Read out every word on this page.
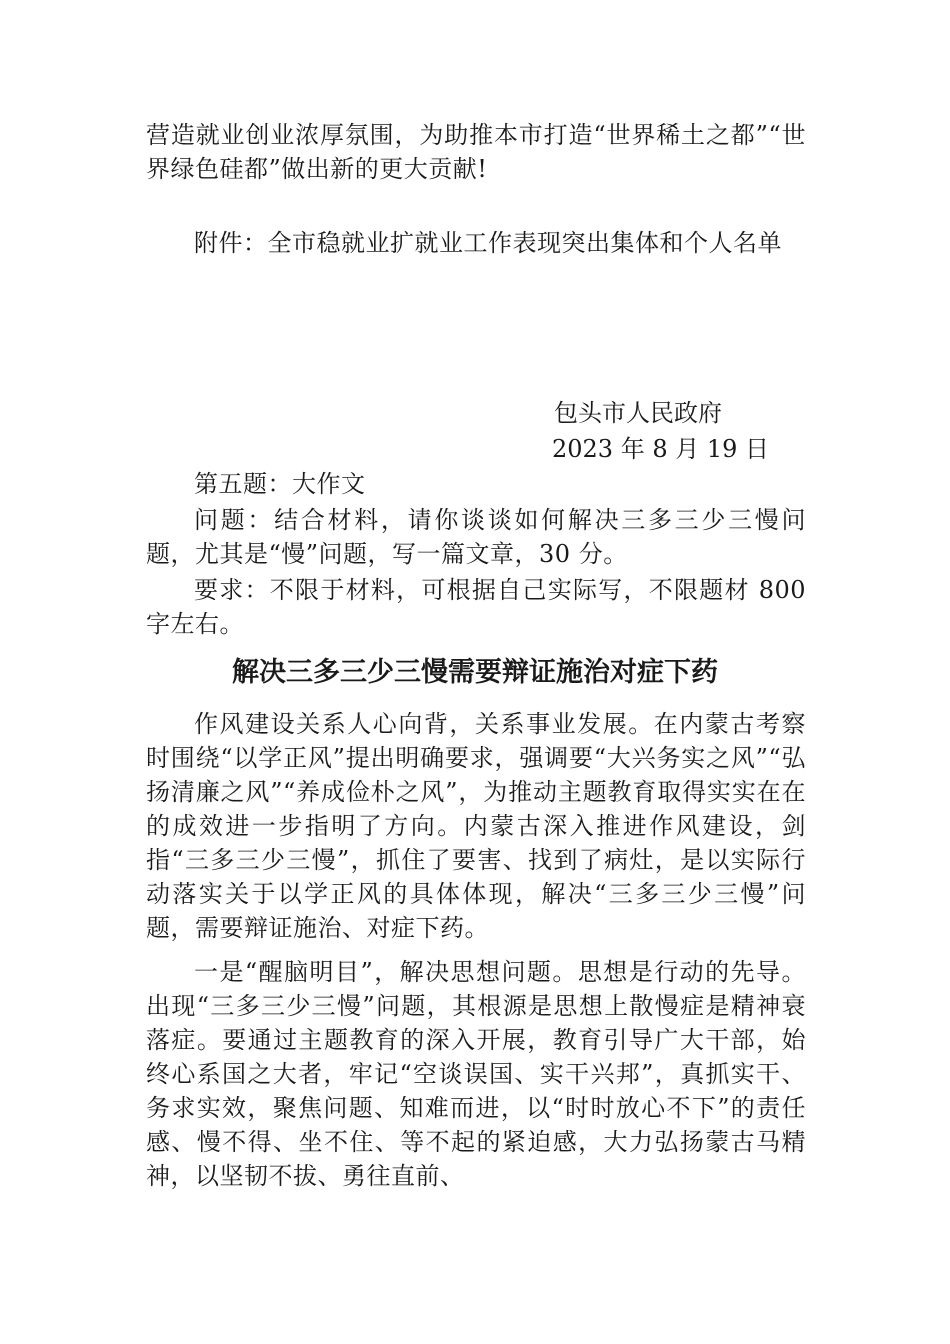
营造就业创业浓厚氛围，为助推本市打造“世界稀土之都”“世界绿色硅都”做出新的更大贡献!

附件：全市稳就业扩就业工作表现突出集体和个人名单

包头市人民政府

2023 年 8 月 19 日

第五题：大作文

问题：结合材料，请你谈谈如何解决三多三少三慢问题，尤其是“慢”问题，写一篇文章，30 分。

要求：不限于材料，可根据自己实际写，不限题材 800 字左右。

解决三多三少三慢需要辩证施治对症下药

作风建设关系人心向背，关系事业发展。在内蒙古考察时围绕“以学正风”提出明确要求，强调要“大兴务实之风”“弘扬清廉之风”“养成俭朴之风”，为推动主题教育取得实实在在的成效进一步指明了方向。内蒙古深入推进作风建设，剑指“三多三少三慢”，抓住了要害、找到了病灶，是以实际行动落实关于以学正风的具体体现，解决“三多三少三慢”问题，需要辩证施治、对症下药。

一是“醒脑明目”，解决思想问题。思想是行动的先导。出现“三多三少三慢”问题，其根源是思想上散慢症是精神衰落症。要通过主题教育的深入开展，教育引导广大干部，始终心系国之大者，牢记“空谈误国、实干兴邦”，真抓实干、务求实效，聚焦问题、知难而进，以“时时放心不下”的责任感、慢不得、坐不住、等不起的紧迫感，大力弘扬蒙古马精神，以坚韧不拔、勇往直前、
